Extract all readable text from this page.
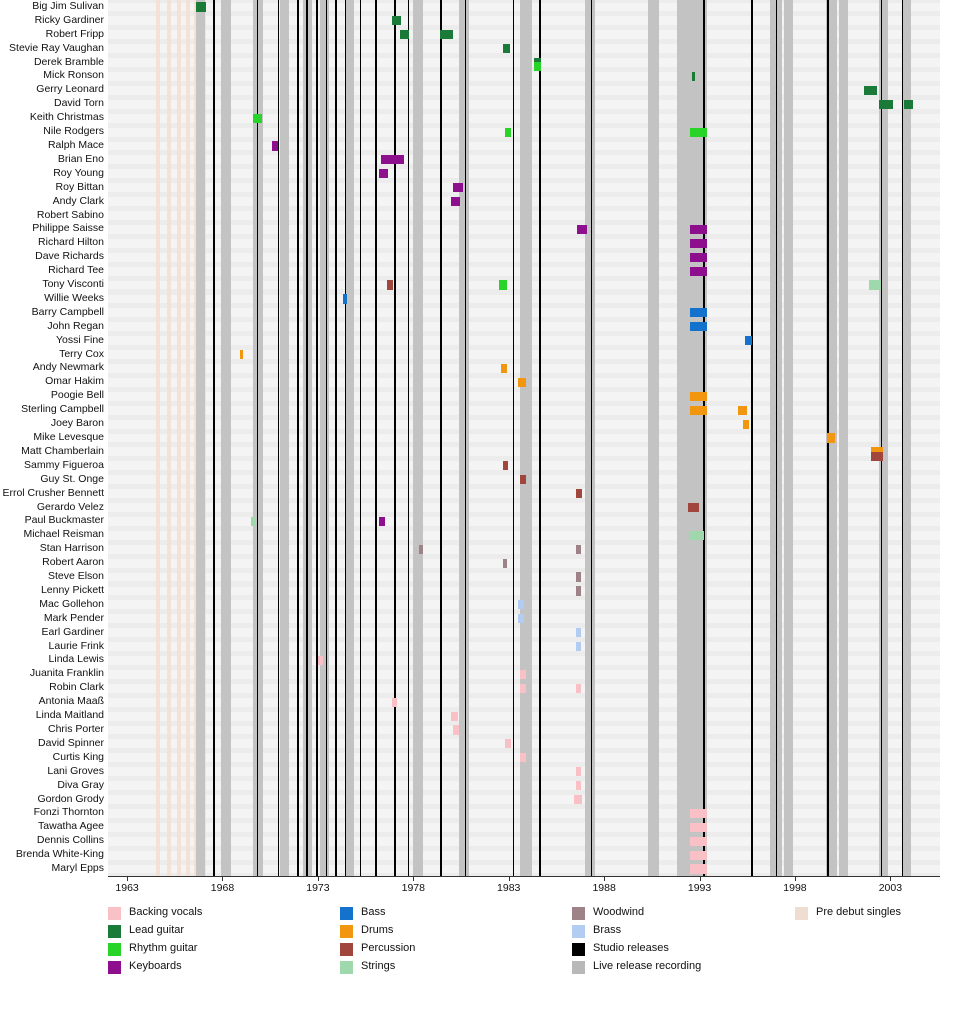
Big Jim Sulivan
Ricky Gardiner
Robert Fripp
Stevie Ray Vaughan
Derek Bramble
Mick Ronson
Gerry Leonard
David Torn
Keith Christmas
Nile Rodgers
Ralph Mace
Brian Eno
Roy Young
Roy Bittan
Andy Clark
Robert Sabino
Philippe Saisse
Richard Hilton
Dave Richards
Richard Tee
Tony Visconti
Willie Weeks
Barry Campbell
John Regan
Yossi Fine
Terry Cox
Andy Newmark
Omar Hakim
Poogie Bell
Sterling Campbell
Joey Baron
Mike Levesque
Matt Chamberlain
Sammy Figueroa
Guy St. Onge
Errol Crusher Bennett
Gerardo Velez
Paul Buckmaster
Michael Reisman
Stan Harrison
Robert Aaron
Steve Elson
Lenny Pickett
Mac Gollehon
Mark Pender
Earl Gardiner
Laurie Frink
Linda Lewis
Juanita Franklin
Robin Clark
Antonia Maaß
Linda Maitland
Chris Porter
David Spinner
Curtis King
Lani Groves
Diva Gray
Gordon Grody
Fonzi Thornton
Tawatha Agee
Dennis Collins
Brenda White-King
Maryl Epps
1963	1968	1973	1978	1983	1988	1993	1998	2003
Backing vocals
Lead guitar
Rhythm guitar
Keyboards
Bass
Drums
Percussion
Strings
Woodwind
Brass
Studio releases
Live release recording
Pre debut singles
